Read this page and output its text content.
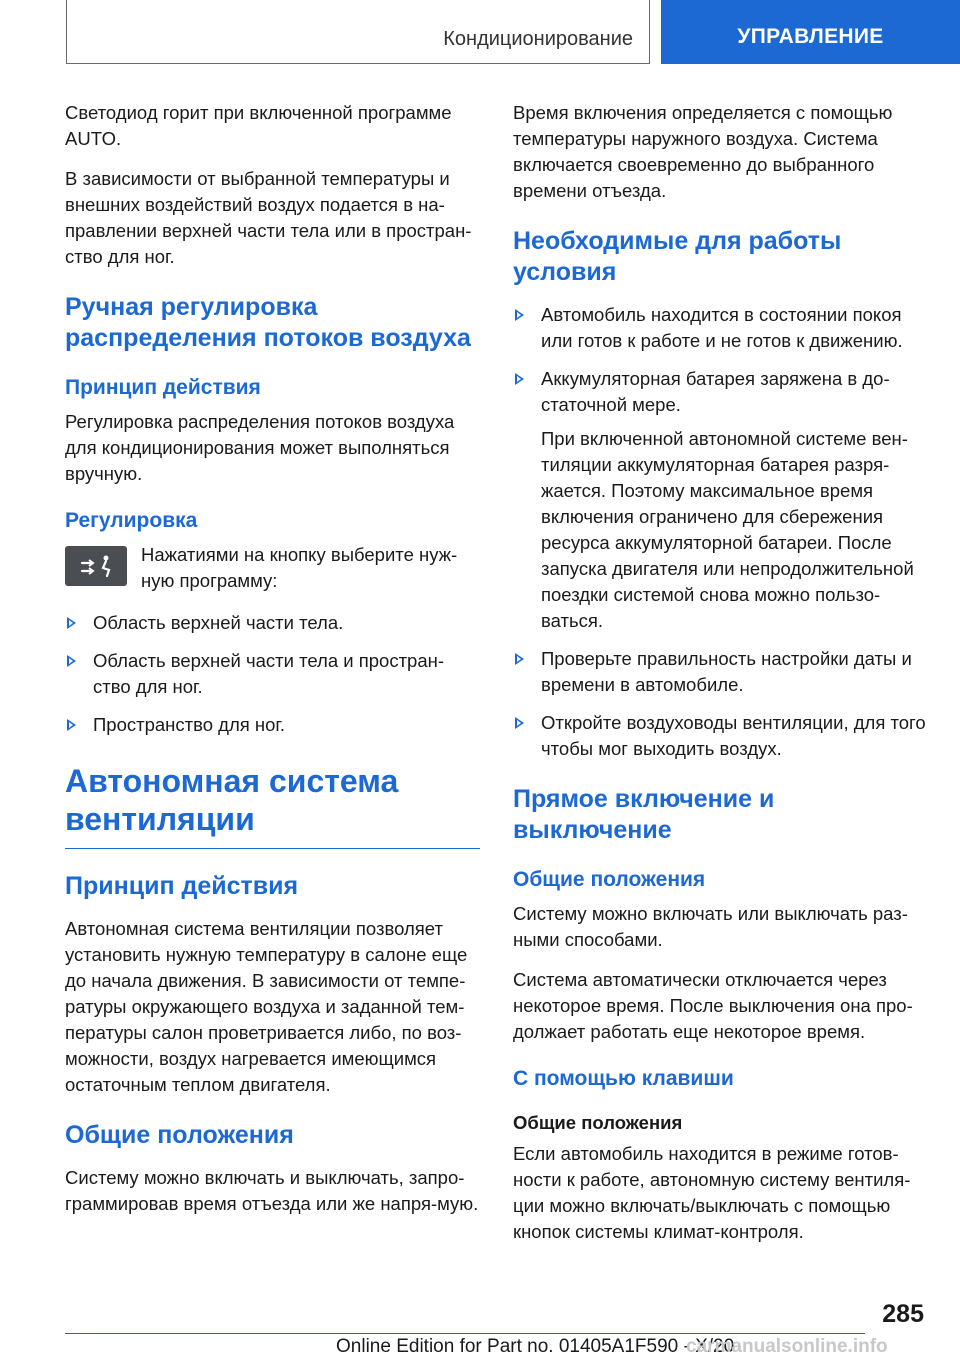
Кондиционирование	УПРАВЛЕНИЕ

Светодиод горит при включенной программе AUTO.

В зависимости от выбранной температуры и внешних воздействий воздух подается в на-правлении верхней части тела или в простран-ство для ног.

Ручная регулировка распределения потоков воздуха
Принцип действия

Регулировка распределения потоков воздуха для кондиционирования может выполняться вручную.

Регулировка

Нажатиями на кнопку выберите нуж-ную программу:

Область верхней части тела.

Область верхней части тела и простран-ство для ног.

Пространство для ног.

Автономная система вентиляции
Принцип действия

Автономная система вентиляции позволяет установить нужную температуру в салоне еще до начала движения. В зависимости от темпе-ратуры окружающего воздуха и заданной тем-пературы салон проветривается либо, по воз-можности, воздух нагревается имеющимся остаточным теплом двигателя.

Общие положения

Систему можно включать и выключать, запро-граммировав время отъезда или же напря-мую.

Время включения определяется с помощью температуры наружного воздуха. Система включается своевременно до выбранного времени отъезда.

Необходимые для работы условия

Автомобиль находится в состоянии покоя или готов к работе и не готов к движению.

Аккумуляторная батарея заряжена в до-статочной мере.

При включенной автономной системе вен-тиляции аккумуляторная батарея разря-жается. Поэтому максимальное время включения ограничено для сбережения ресурса аккумуляторной батареи. После запуска двигателя или непродолжительной поездки системой снова можно пользо-ваться.

Проверьте правильность настройки даты и времени в автомобиле.

Откройте воздуховоды вентиляции, для того чтобы мог выходить воздух.

Прямое включение и выключение
Общие положения

Систему можно включать или выключать раз-ными способами.

Система автоматически отключается через некоторое время. После выключения она про-должает работать еще некоторое время.

С помощью клавиши
Общие положения

Если автомобиль находится в режиме готов-ности к работе, автономную систему вентиля-ции можно включать/выключать с помощью кнопок системы климат-контроля.

285
Online Edition for Part no. 01405A1F590 - X/20
carmanualsonline.info
